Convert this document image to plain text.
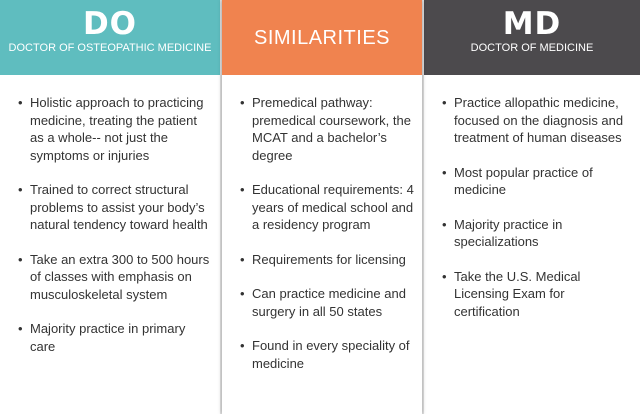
DO
DOCTOR OF OSTEOPATHIC MEDICINE
• Holistic approach to practicing medicine, treating the patient as a whole-- not just the symptoms or injuries
• Trained to correct structural problems to assist your body’s natural tendency toward health
• Take an extra 300 to 500 hours of classes with emphasis on musculoskeletal system
• Majority practice in primary care
SIMILARITIES
• Premedical pathway: premedical coursework, the MCAT and a bachelor’s degree
• Educational requirements: 4 years of medical school and a residency program
• Requirements for licensing
• Can practice medicine and surgery in all 50 states
• Found in every speciality of medicine
MD
DOCTOR OF MEDICINE
• Practice allopathic medicine, focused on the diagnosis and treatment of human diseases
• Most popular practice of medicine
• Majority practice in specializations
• Take the U.S. Medical Licensing Exam for certification
